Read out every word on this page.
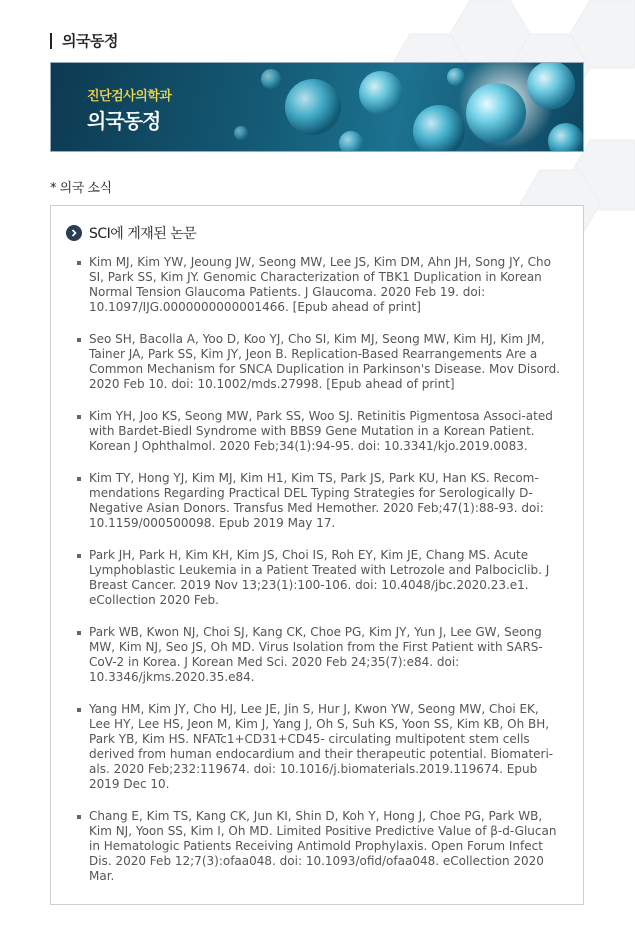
의국동정
진단검사의학과
의국동정
* 의국 소식
SCI에 게재된 논문
Kim MJ, Kim YW, Jeoung JW, Seong MW, Lee JS, Kim DM, Ahn JH, Song JY, Cho SI, Park SS, Kim JY. Genomic Characterization of TBK1 Duplication in Korean Normal Tension Glaucoma Patients. J Glaucoma. 2020 Feb 19. doi: 10.1097/IJG.0000000000001466. [Epub ahead of print]
Seo SH, Bacolla A, Yoo D, Koo YJ, Cho SI, Kim MJ, Seong MW, Kim HJ, Kim JM, Tainer JA, Park SS, Kim JY, Jeon B. Replication-Based Rearrangements Are a Common Mechanism for SNCA Duplication in Parkinson's Disease. Mov Disord. 2020 Feb 10. doi: 10.1002/mds.27998. [Epub ahead of print]
Kim YH, Joo KS, Seong MW, Park SS, Woo SJ. Retinitis Pigmentosa Associ-ated with Bardet-Biedl Syndrome with BBS9 Gene Mutation in a Korean Patient. Korean J Ophthalmol. 2020 Feb;34(1):94-95. doi: 10.3341/kjo.2019.0083.
Kim TY, Hong YJ, Kim MJ, Kim H1, Kim TS, Park JS, Park KU, Han KS. Recom-mendations Regarding Practical DEL Typing Strategies for Serologically D-Negative Asian Donors. Transfus Med Hemother. 2020 Feb;47(1):88-93. doi: 10.1159/000500098. Epub 2019 May 17.
Park JH, Park H, Kim KH, Kim JS, Choi IS, Roh EY, Kim JE, Chang MS. Acute Lymphoblastic Leukemia in a Patient Treated with Letrozole and Palbociclib. J Breast Cancer. 2019 Nov 13;23(1):100-106. doi: 10.4048/jbc.2020.23.e1. eCollection 2020 Feb.
Park WB, Kwon NJ, Choi SJ, Kang CK, Choe PG, Kim JY, Yun J, Lee GW, Seong MW, Kim NJ, Seo JS, Oh MD. Virus Isolation from the First Patient with SARS-CoV-2 in Korea. J Korean Med Sci. 2020 Feb 24;35(7):e84. doi: 10.3346/jkms.2020.35.e84.
Yang HM, Kim JY, Cho HJ, Lee JE, Jin S, Hur J, Kwon YW, Seong MW, Choi EK, Lee HY, Lee HS, Jeon M, Kim J, Yang J, Oh S, Suh KS, Yoon SS, Kim KB, Oh BH, Park YB, Kim HS. NFATc1+CD31+CD45- circulating multipotent stem cells derived from human endocardium and their therapeutic potential. Biomateri-als. 2020 Feb;232:119674. doi: 10.1016/j.biomaterials.2019.119674. Epub 2019 Dec 10.
Chang E, Kim TS, Kang CK, Jun KI, Shin D, Koh Y, Hong J, Choe PG, Park WB, Kim NJ, Yoon SS, Kim I, Oh MD. Limited Positive Predictive Value of β-d-Glucan in Hematologic Patients Receiving Antimold Prophylaxis. Open Forum Infect Dis. 2020 Feb 12;7(3):ofaa048. doi: 10.1093/ofid/ofaa048. eCollection 2020 Mar.
